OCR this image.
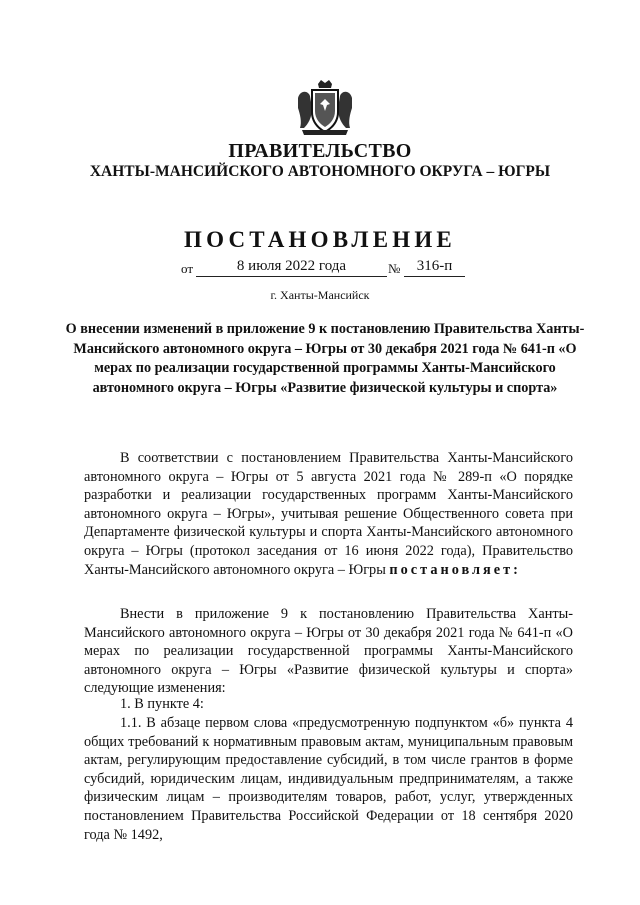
ПРАВИТЕЛЬСТВО
ХАНТЫ-МАНСИЙСКОГО АВТОНОМНОГО ОКРУГА – ЮГРЫ
ПОСТАНОВЛЕНИЕ
от	8 июля 2022 года	№	316-п
г. Ханты-Мансийск
О внесении изменений в приложение 9 к постановлению Правительства Ханты-Мансийского автономного округа – Югры от 30 декабря 2021 года № 641-п «О мерах по реализации государственной программы Ханты-Мансийского автономного округа – Югры «Развитие физической культуры и спорта»
В соответствии с постановлением Правительства Ханты-Мансийского автономного округа – Югры от 5 августа 2021 года № 289-п «О порядке разработки и реализации государственных программ Ханты-Мансийского автономного округа – Югры», учитывая решение Общественного совета при Департаменте физической культуры и спорта Ханты-Мансийского автономного округа – Югры (протокол заседания от 16 июня 2022 года), Правительство Ханты-Мансийского автономного округа – Югры постановляет:
Внести в приложение 9 к постановлению Правительства Ханты-Мансийского автономного округа – Югры от 30 декабря 2021 года № 641-п «О мерах по реализации государственной программы Ханты-Мансийского автономного округа – Югры «Развитие физической культуры и спорта» следующие изменения:
1. В пункте 4:
1.1. В абзаце первом слова «предусмотренную подпунктом «б» пункта 4 общих требований к нормативным правовым актам, муниципальным правовым актам, регулирующим предоставление субсидий, в том числе грантов в форме субсидий, юридическим лицам, индивидуальным предпринимателям, а также физическим лицам – производителям товаров, работ, услуг, утвержденных постановлением Правительства Российской Федерации от 18 сентября 2020 года № 1492,
